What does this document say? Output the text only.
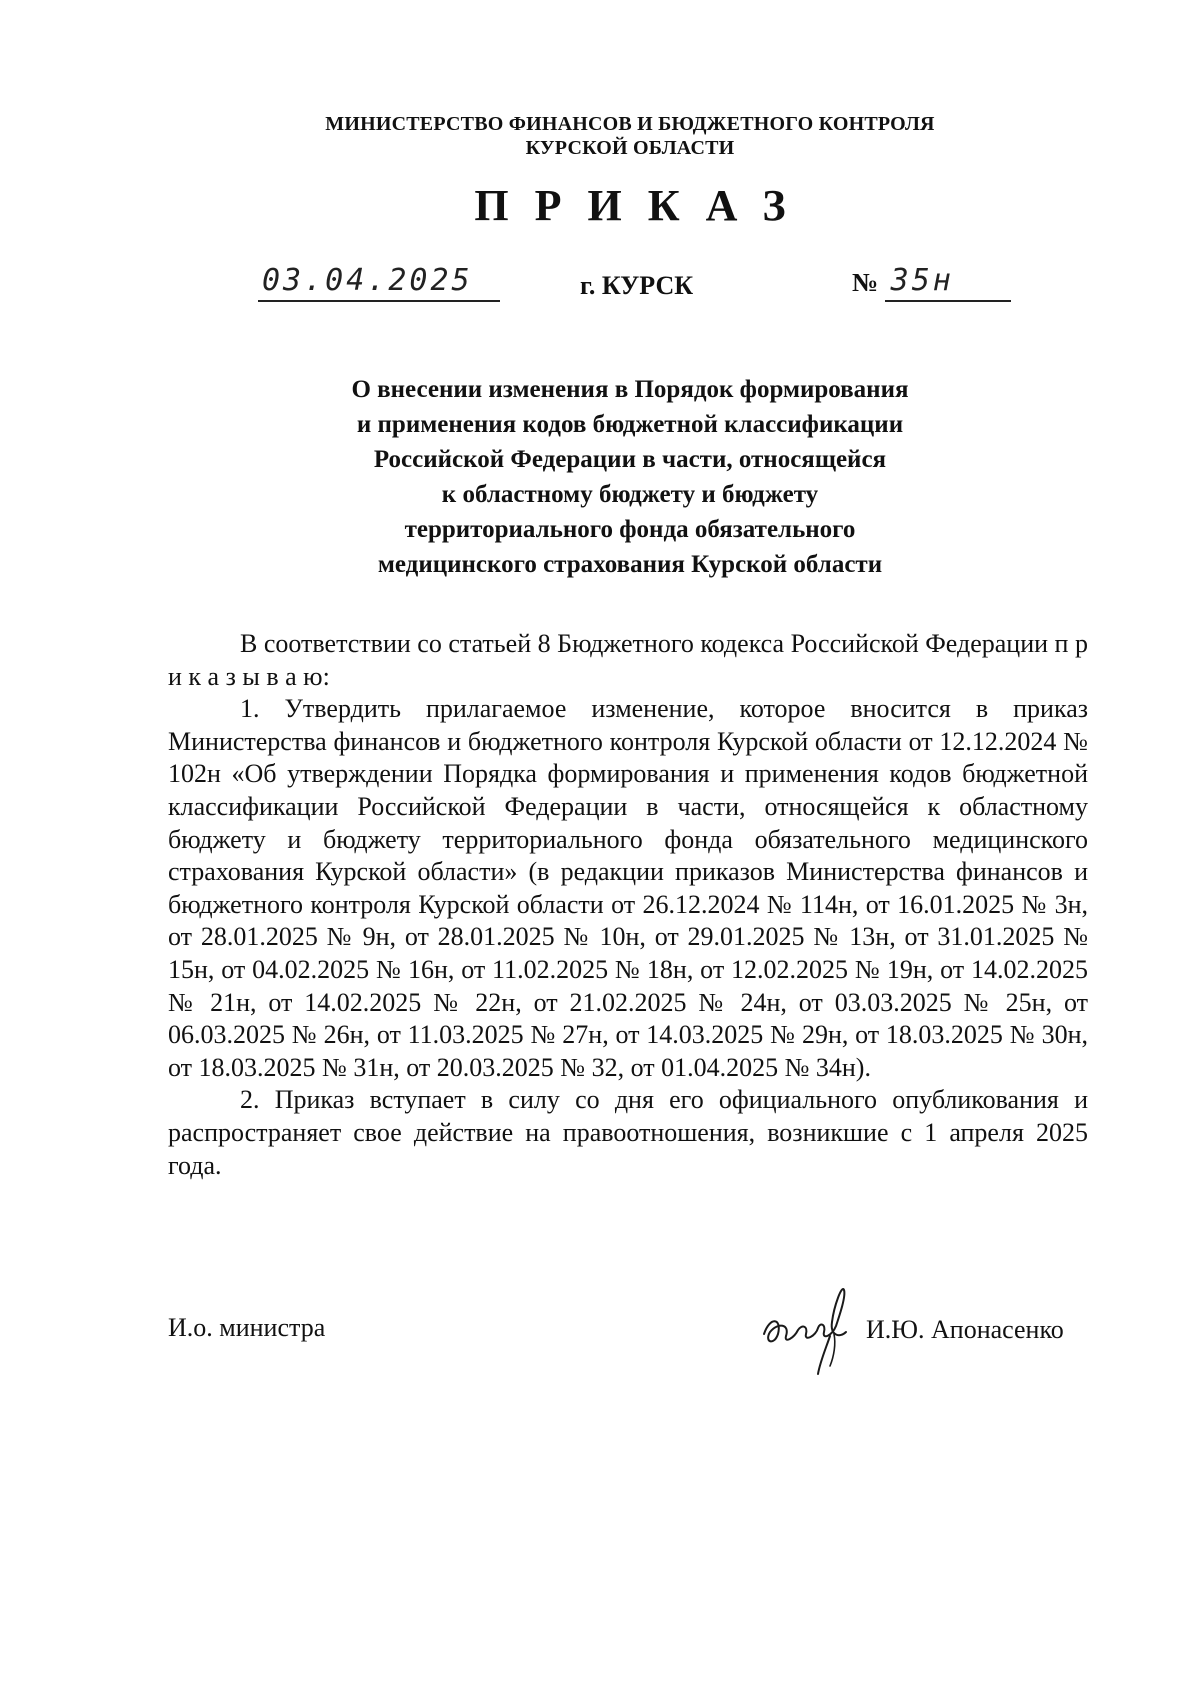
МИНИСТЕРСТВО ФИНАНСОВ И БЮДЖЕТНОГО КОНТРОЛЯ
КУРСКОЙ ОБЛАСТИ
ПРИКАЗ
03.04.2025	г. КУРСК	№ 35н
О внесении изменения в Порядок формирования
и применения кодов бюджетной классификации
Российской Федерации в части, относящейся
к областному бюджету и бюджету
территориального фонда обязательного
медицинского страхования Курской области

В соответствии со статьей 8 Бюджетного кодекса Российской Федерации п р и к а з ы в а ю:

1. Утвердить прилагаемое изменение, которое вносится в приказ Министерства финансов и бюджетного контроля Курской области от 12.12.2024 № 102н «Об утверждении Порядка формирования и применения кодов бюджетной классификации Российской Федерации в части, относящейся к областному бюджету и бюджету территориального фонда обязательного медицинского страхования Курской области» (в редакции приказов Министерства финансов и бюджетного контроля Курской области от 26.12.2024 № 114н, от 16.01.2025 № 3н, от 28.01.2025 № 9н, от 28.01.2025 № 10н, от 29.01.2025 № 13н, от 31.01.2025 № 15н, от 04.02.2025 № 16н, от 11.02.2025 № 18н, от 12.02.2025 № 19н, от 14.02.2025 № 21н, от 14.02.2025 № 22н, от 21.02.2025 № 24н, от 03.03.2025 № 25н, от 06.03.2025 № 26н, от 11.03.2025 № 27н, от 14.03.2025 № 29н, от 18.03.2025 № 30н, от 18.03.2025 № 31н, от 20.03.2025 № 32, от 01.04.2025 № 34н).

2. Приказ вступает в силу со дня его официального опубликования и распространяет свое действие на правоотношения, возникшие с 1 апреля 2025 года.

И.о. министра	И.Ю. Апонасенко
